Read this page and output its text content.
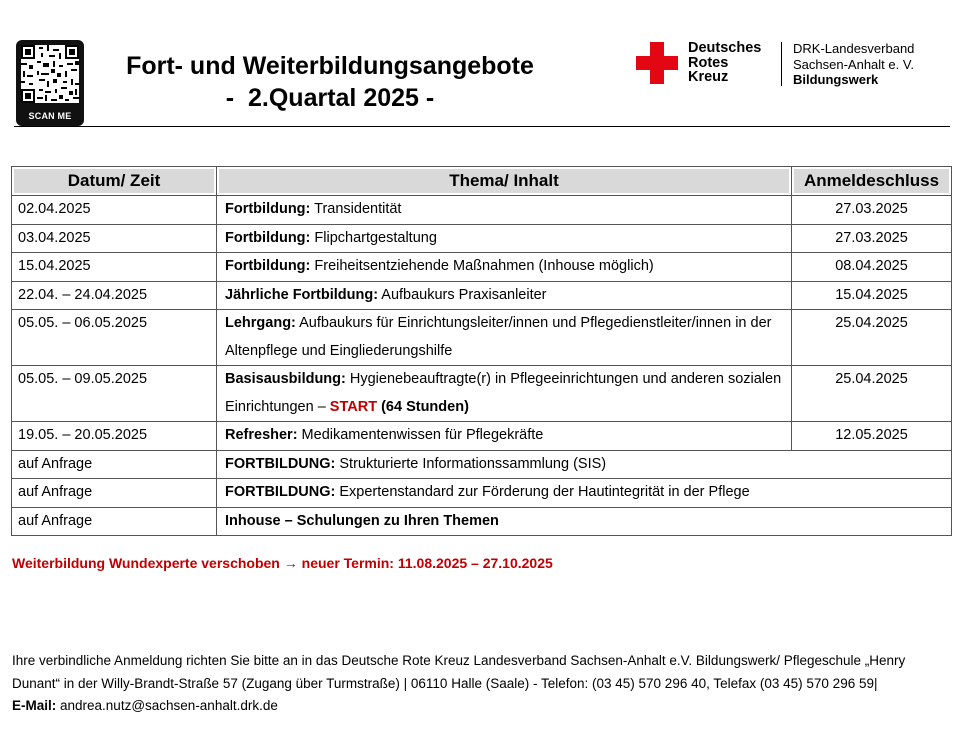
SCAN ME
Fort- und Weiterbildungsangebote
-  2.Quartal 2025 -
Deutsches
Rotes
Kreuz
DRK-Landesverband
Sachsen-Anhalt e. V.
Bildungswerk
Datum/ Zeit	Thema/ Inhalt	Anmeldeschluss
02.04.2025	Fortbildung: Transidentität	27.03.2025
03.04.2025	Fortbildung: Flipchartgestaltung	27.03.2025
15.04.2025	Fortbildung: Freiheitsentziehende Maßnahmen (Inhouse möglich)	08.04.2025
22.04. – 24.04.2025	Jährliche Fortbildung: Aufbaukurs Praxisanleiter	15.04.2025
05.05. – 06.05.2025	Lehrgang: Aufbaukurs für Einrichtungsleiter/innen und Pflegedienstleiter/innen in der Altenpflege und Eingliederungshilfe	25.04.2025
05.05. – 09.05.2025	Basisausbildung: Hygienebeauftragte(r) in Pflegeeinrichtungen und anderen sozialen Einrichtungen – START (64 Stunden)	25.04.2025
19.05. – 20.05.2025	Refresher: Medikamentenwissen für Pflegekräfte	12.05.2025
auf Anfrage	FORTBILDUNG: Strukturierte Informationssammlung (SIS)	
auf Anfrage	FORTBILDUNG: Expertenstandard zur Förderung der Hautintegrität in der Pflege	
auf Anfrage	Inhouse – Schulungen zu Ihren Themen	
Weiterbildung Wundexperte verschoben → neuer Termin: 11.08.2025 – 27.10.2025
Ihre verbindliche Anmeldung richten Sie bitte an in das Deutsche Rote Kreuz Landesverband Sachsen-Anhalt e.V. Bildungswerk/ Pflegeschule „Henry
Dunant“ in der Willy-Brandt-Straße 57 (Zugang über Turmstraße) | 06110 Halle (Saale) - Telefon: (03 45) 570 296 40, Telefax (03 45) 570 296 59|
E-Mail: andrea.nutz@sachsen-anhalt.drk.de
